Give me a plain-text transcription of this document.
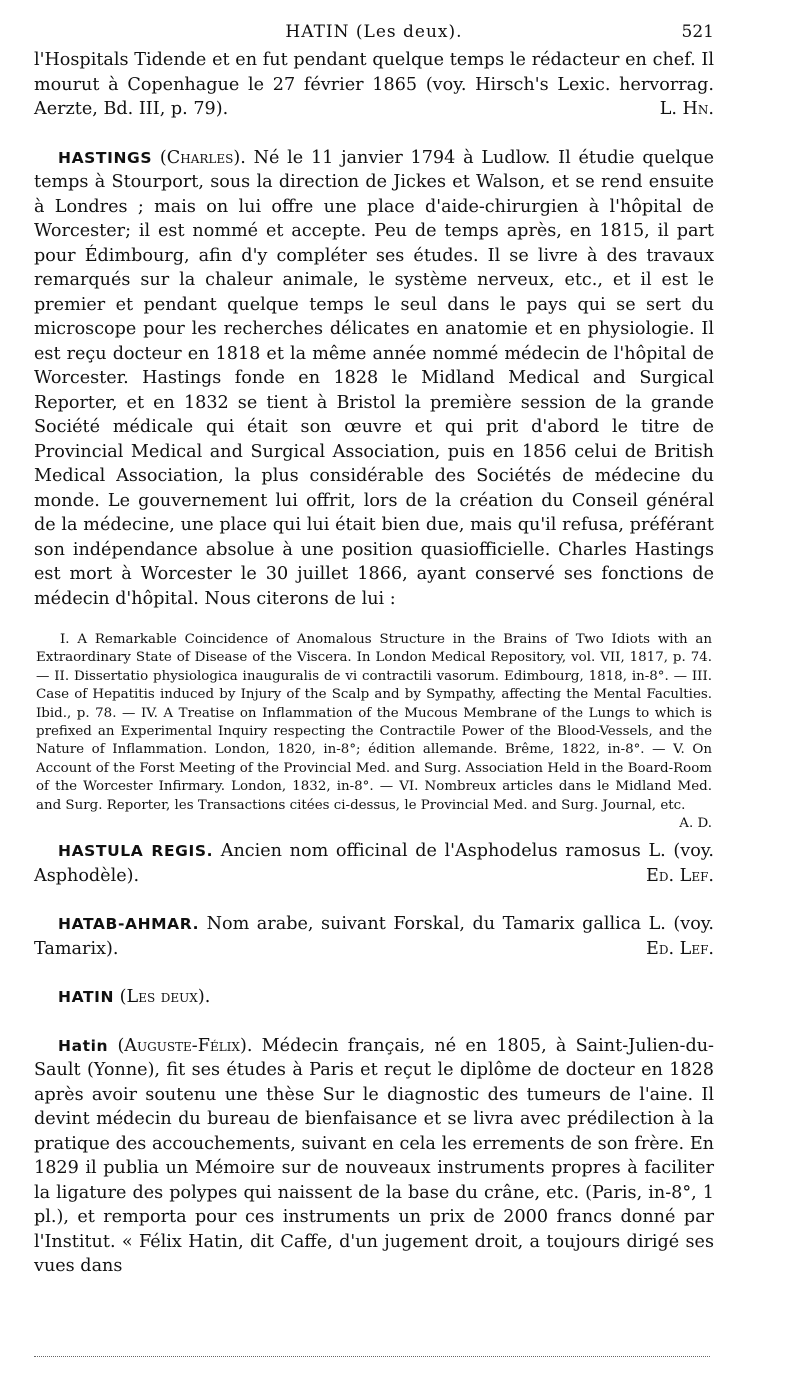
HATIN (Les deux).	521

l'Hospitals Tidende et en fut pendant quelque temps le rédacteur en chef. Il mourut à Copenhague le 27 février 1865 (voy. Hirsch's Lexic. hervorrag. Aerzte, Bd. III, p. 79).	L. Hn.

HASTINGS (Charles). Né le 11 janvier 1794 à Ludlow. Il étudie quelque temps à Stourport, sous la direction de Jickes et Walson, et se rend ensuite à Londres ; mais on lui offre une place d'aide-chirurgien à l'hôpital de Worcester; il est nommé et accepte. Peu de temps après, en 1815, il part pour Édimbourg, afin d'y compléter ses études. Il se livre à des travaux remarqués sur la chaleur animale, le système nerveux, etc., et il est le premier et pendant quelque temps le seul dans le pays qui se sert du microscope pour les recherches délicates en anatomie et en physiologie. Il est reçu docteur en 1818 et la même année nommé médecin de l'hôpital de Worcester. Hastings fonde en 1828 le Midland Medical and Surgical Reporter, et en 1832 se tient à Bristol la première session de la grande Société médicale qui était son œuvre et qui prit d'abord le titre de Provincial Medical and Surgical Association, puis en 1856 celui de British Medical Association, la plus considérable des Sociétés de médecine du monde. Le gouvernement lui offrit, lors de la création du Conseil général de la médecine, une place qui lui était bien due, mais qu'il refusa, préférant son indépendance absolue à une position quasiofficielle. Charles Hastings est mort à Worcester le 30 juillet 1866, ayant conservé ses fonctions de médecin d'hôpital. Nous citerons de lui :

I. A Remarkable Coincidence of Anomalous Structure in the Brains of Two Idiots with an Extraordinary State of Disease of the Viscera. In London Medical Repository, vol. VII, 1817, p. 74. — II. Dissertatio physiologica inauguralis de vi contractili vasorum. Edimbourg, 1818, in-8°. — III. Case of Hepatitis induced by Injury of the Scalp and by Sympathy, affecting the Mental Faculties. Ibid., p. 78. — IV. A Treatise on Inflammation of the Mucous Membrane of the Lungs to which is prefixed an Experimental Inquiry respecting the Contractile Power of the Blood-Vessels, and the Nature of Inflammation. London, 1820, in-8°; édition allemande. Brême, 1822, in-8°. — V. On Account of the Forst Meeting of the Provincial Med. and Surg. Association Held in the Board-Room of the Worcester Infirmary. London, 1832, in-8°. — VI. Nombreux articles dans le Midland Med. and Surg. Reporter, les Transactions citées ci-dessus, le Provincial Med. and Surg. Journal, etc.
A. D.

HASTULA REGIS. Ancien nom officinal de l'Asphodelus ramosus L. (voy. Asphodèle).	Ed. Lef.

HATAB-AHMAR. Nom arabe, suivant Forskal, du Tamarix gallica L. (voy. Tamarix).	Ed. Lef.

HATIN (Les deux).

Hatin (Auguste-Félix). Médecin français, né en 1805, à Saint-Julien-du-Sault (Yonne), fit ses études à Paris et reçut le diplôme de docteur en 1828 après avoir soutenu une thèse Sur le diagnostic des tumeurs de l'aine. Il devint médecin du bureau de bienfaisance et se livra avec prédilection à la pratique des accouchements, suivant en cela les errements de son frère. En 1829 il publia un Mémoire sur de nouveaux instruments propres à faciliter la ligature des polypes qui naissent de la base du crâne, etc. (Paris, in-8°, 1 pl.), et remporta pour ces instruments un prix de 2000 francs donné par l'Institut. « Félix Hatin, dit Caffe, d'un jugement droit, a toujours dirigé ses vues dans
